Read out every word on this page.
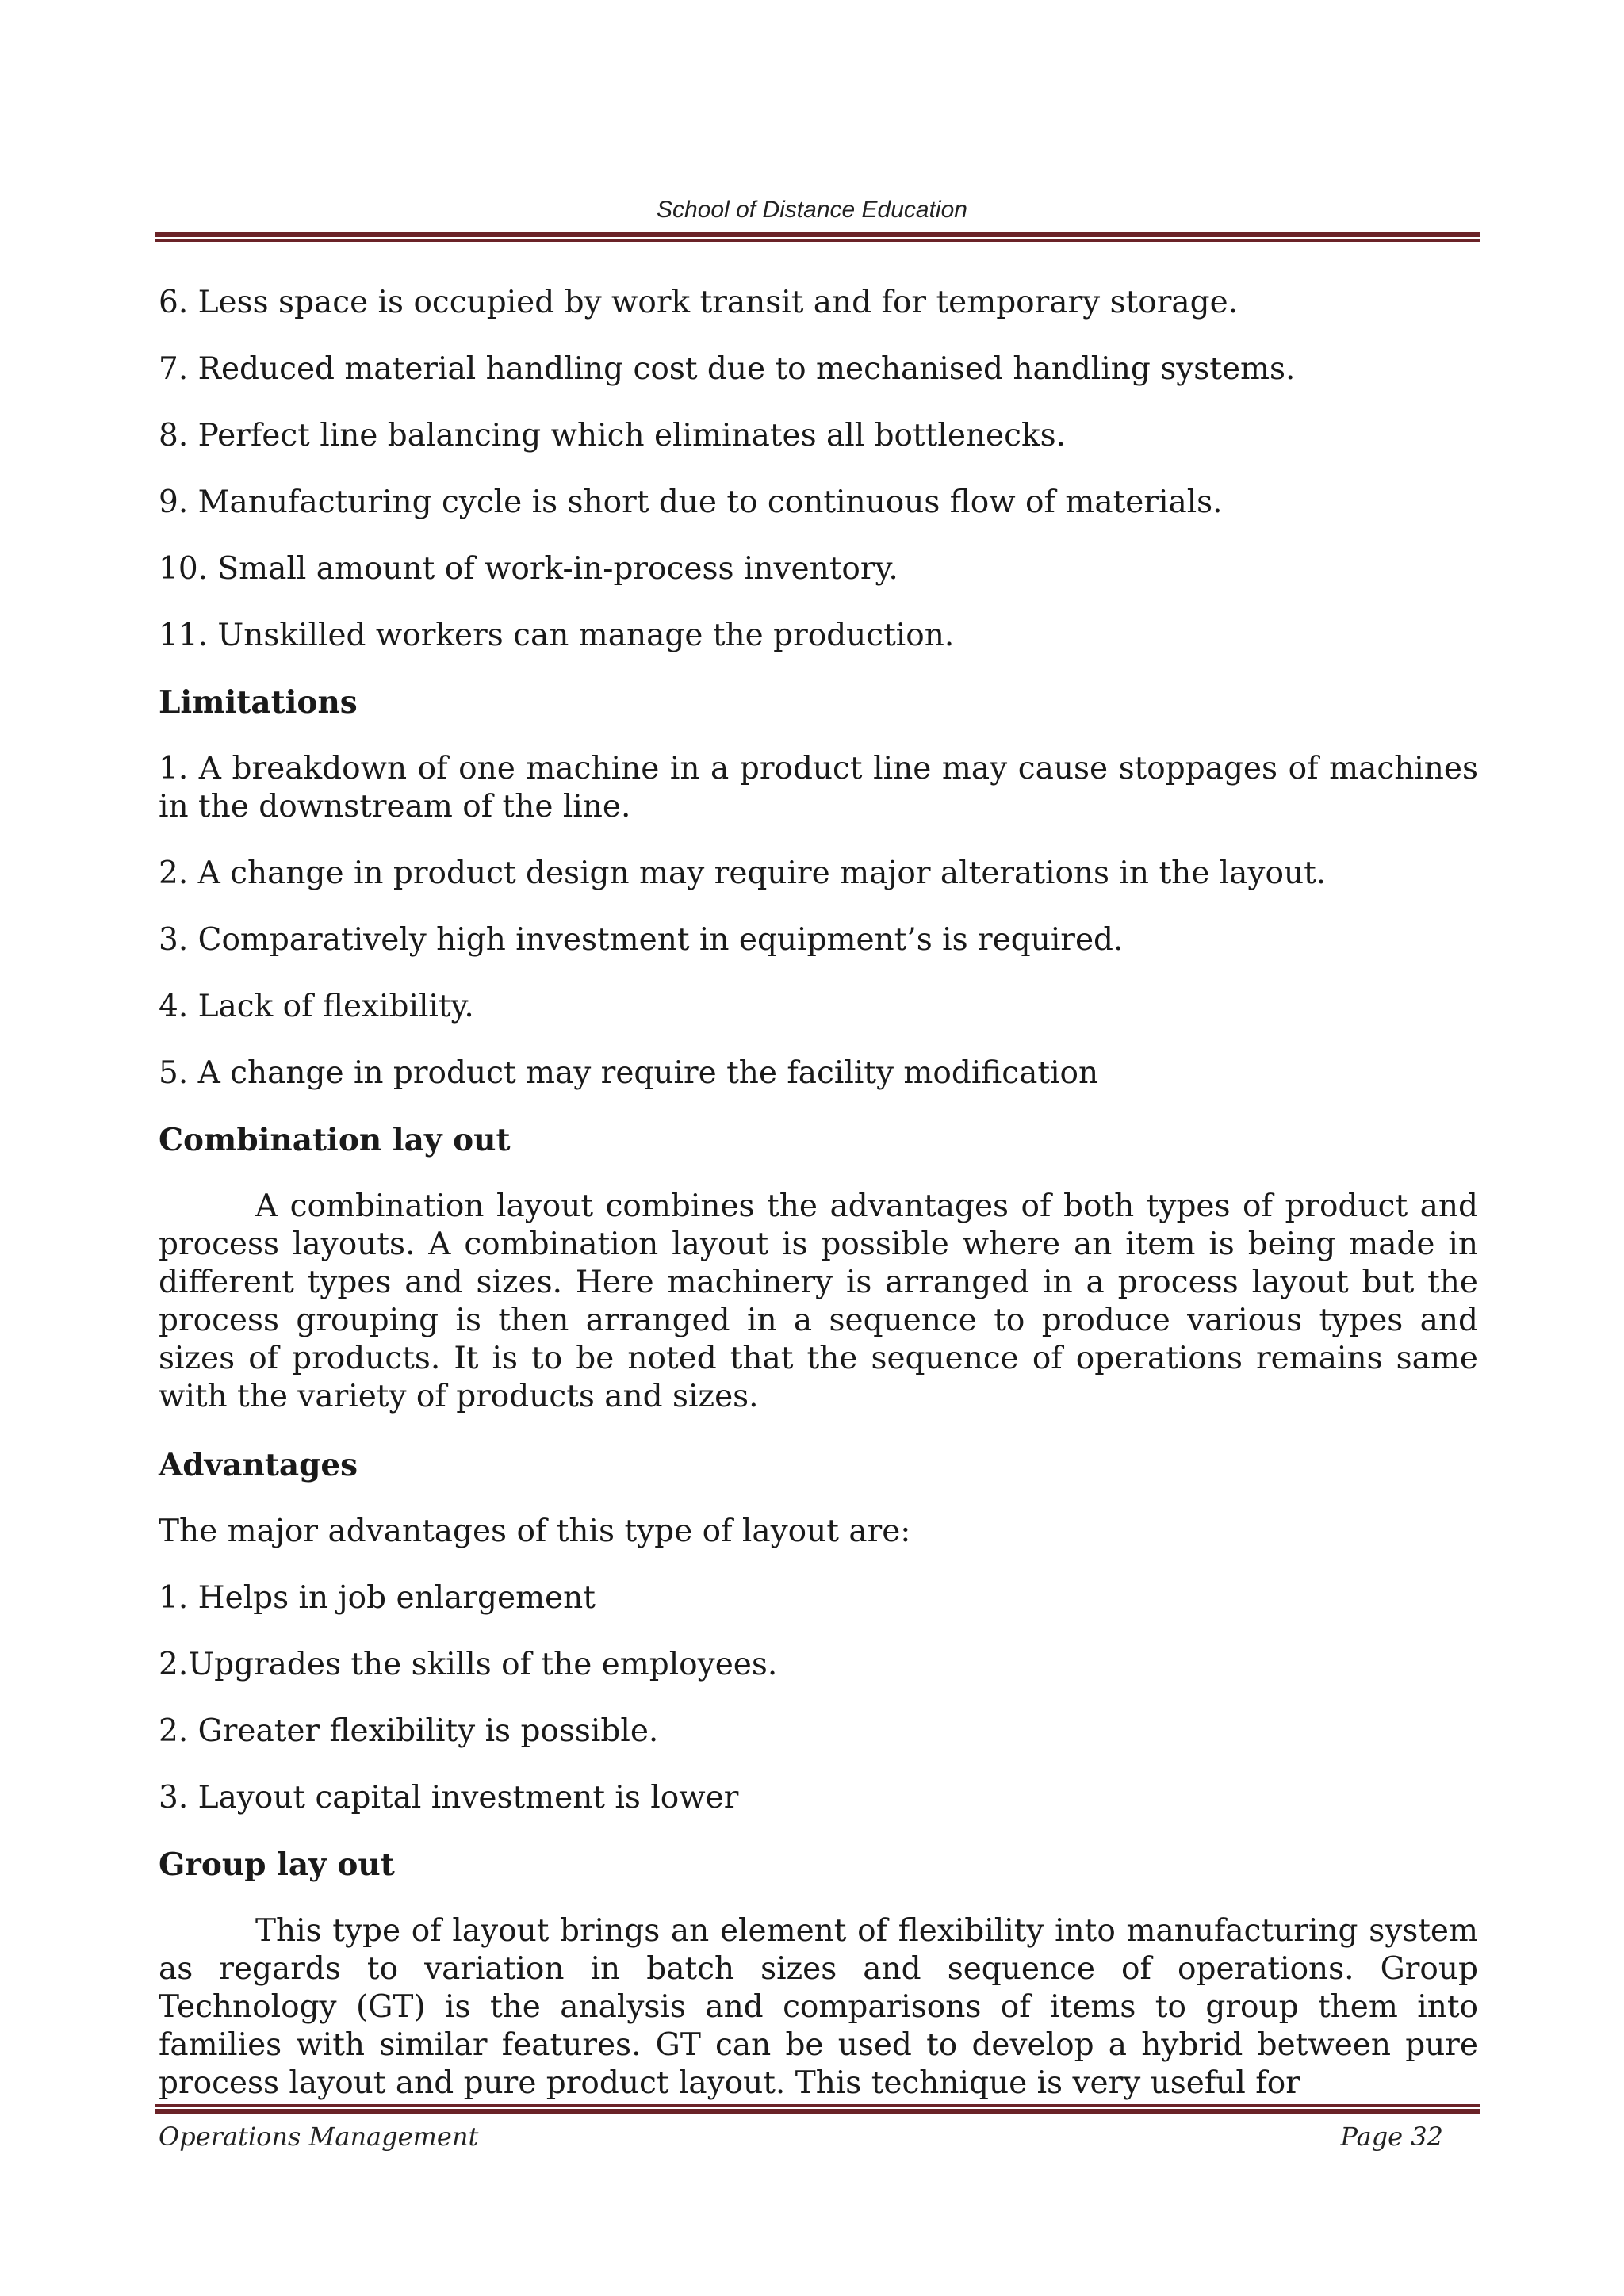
School of Distance Education
6. Less space is occupied by work transit and for temporary storage.
7. Reduced material handling cost due to mechanised handling systems.
8. Perfect line balancing which eliminates all bottlenecks.
9. Manufacturing cycle is short due to continuous flow of materials.
10. Small amount of work-in-process inventory.
11. Unskilled workers can manage the production.
Limitations
1. A breakdown of one machine in a product line may cause stoppages of machines in the downstream of the line.
2. A change in product design may require major alterations in the layout.
3. Comparatively high investment in equipment’s is required.
4. Lack of flexibility.
5. A change in product may require the facility modification
Combination lay out
A combination layout combines the advantages of both types of product and process layouts. A combination layout is possible where an item is being made in different types and sizes. Here machinery is arranged in a process layout but the process grouping is then arranged in a sequence to produce various types and sizes of products. It is to be noted that the sequence of operations remains same with the variety of products and sizes.
Advantages
The major advantages of this type of layout are:
1. Helps in job enlargement
2.Upgrades the skills of the employees.
2. Greater flexibility is possible.
3. Layout capital investment is lower
Group lay out
This type of layout brings an element of flexibility into manufacturing system as regards to variation in batch sizes and sequence of operations. Group Technology (GT) is the analysis and comparisons of items to group them into families with similar features. GT can be used to develop a hybrid between pure process layout and pure product layout. This technique is very useful for
Operations Management	Page 32
